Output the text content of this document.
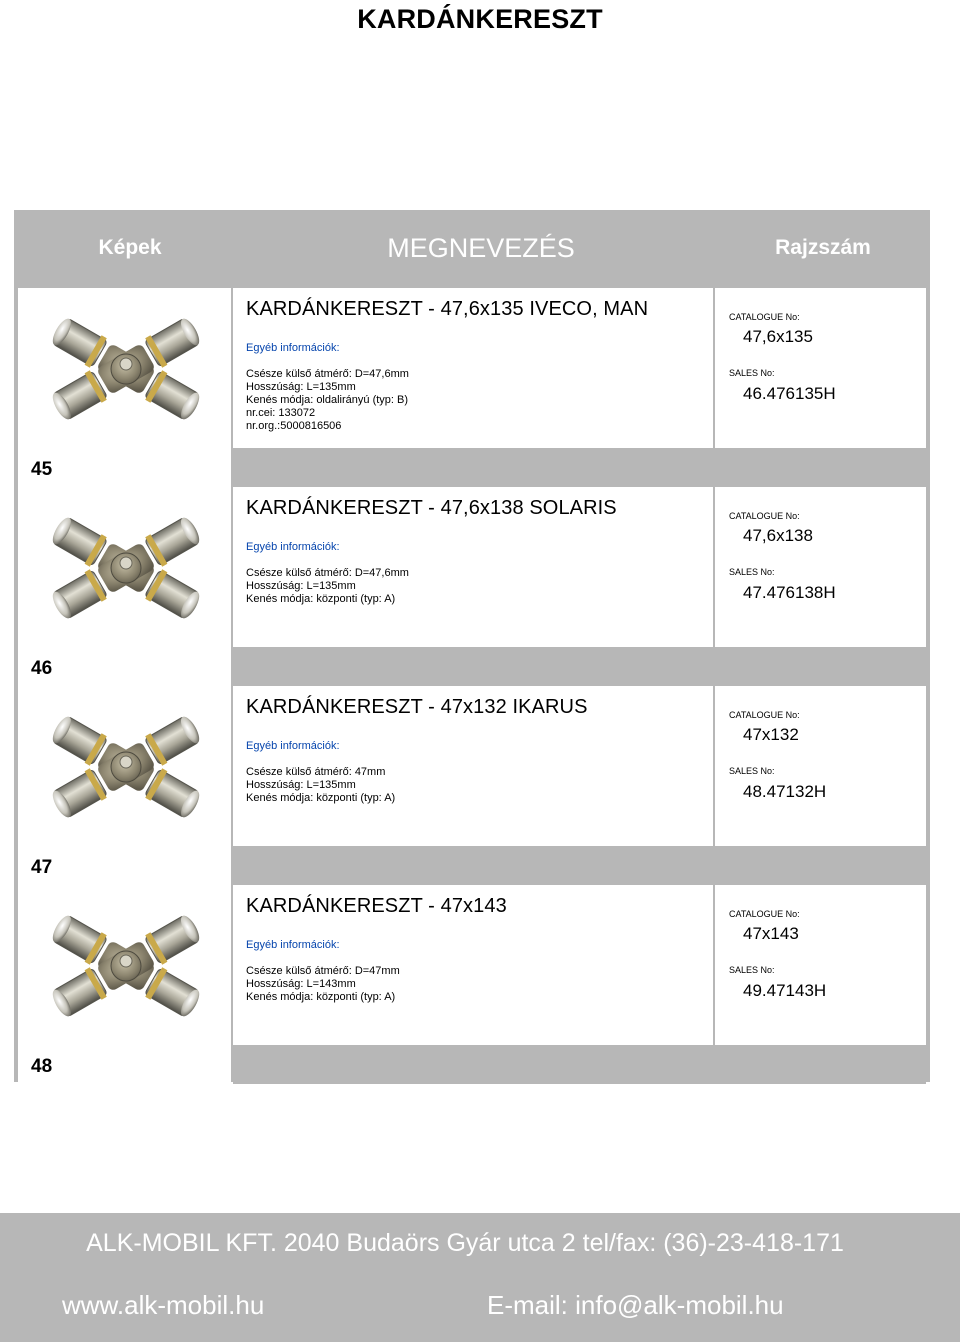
KARDÁNKERESZT
Képek	MEGNEVEZÉS	Rajzszám
45
KARDÁNKERESZT - 47,6x135 IVECO, MAN
Egyéb információk:
Csésze külső átmérő: D=47,6mm
Hosszúság: L=135mm
Kenés módja: oldalirányú (typ: B)
nr.cei: 133072
nr.org.:5000816506
CATALOGUE No:
47,6x135
SALES No:
46.476135H
46
KARDÁNKERESZT - 47,6x138 SOLARIS
Egyéb információk:
Csésze külső átmérő: D=47,6mm
Hosszúság: L=135mm
Kenés módja: központi (typ: A)
CATALOGUE No:
47,6x138
SALES No:
47.476138H
47
KARDÁNKERESZT - 47x132 IKARUS
Egyéb információk:
Csésze külső átmérő: 47mm
Hosszúság: L=135mm
Kenés módja: központi (typ: A)
CATALOGUE No:
47x132
SALES No:
48.47132H
48
KARDÁNKERESZT - 47x143
Egyéb információk:
Csésze külső átmérő: D=47mm
Hosszúság: L=143mm
Kenés módja: központi (typ: A)
CATALOGUE No:
47x143
SALES No:
49.47143H
ALK-MOBIL KFT. 2040 Budaörs Gyár utca 2 tel/fax: (36)-23-418-171
www.alk-mobil.hu	E-mail: info@alk-mobil.hu
